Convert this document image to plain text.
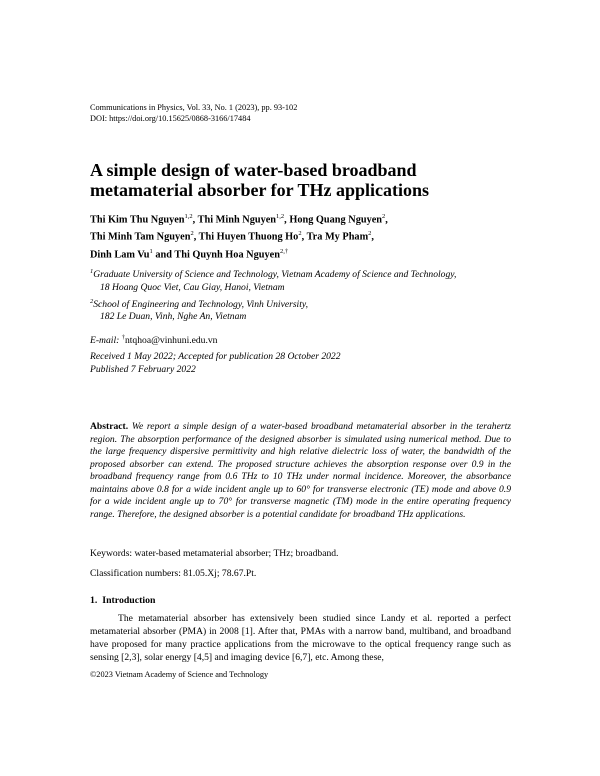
Communications in Physics, Vol. 33, No. 1 (2023), pp. 93-102
DOI: https://doi.org/10.15625/0868-3166/17484
A simple design of water-based broadband metamaterial absorber for THz applications
Thi Kim Thu Nguyen$^{1,2}$, Thi Minh Nguyen$^{1,2}$, Hong Quang Nguyen$^2$,
Thi Minh Tam Nguyen$^2$, Thi Huyen Thuong Ho$^2$, Tra My Pham$^2$,
Dinh Lam Vu$^1$ and Thi Quynh Hoa Nguyen$^{2,\dagger}$
$^1$Graduate University of Science and Technology, Vietnam Academy of Science and Technology,
18 Hoang Quoc Viet, Cau Giay, Hanoi, Vietnam
$^2$School of Engineering and Technology, Vinh University,
182 Le Duan, Vinh, Nghe An, Vietnam
E-mail: †ntqhoa@vinhuni.edu.vn
Received 1 May 2022; Accepted for publication 28 October 2022
Published 7 February 2022
Abstract. We report a simple design of a water-based broadband metamaterial absorber in the terahertz region. The absorption performance of the designed absorber is simulated using numerical method. Due to the large frequency dispersive permittivity and high relative dielectric loss of water, the bandwidth of the proposed absorber can extend. The proposed structure achieves the absorption response over 0.9 in the broadband frequency range from 0.6 THz to 10 THz under normal incidence. Moreover, the absorbance maintains above 0.8 for a wide incident angle up to 60° for transverse electronic (TE) mode and above 0.9 for a wide incident angle up to 70° for transverse magnetic (TM) mode in the entire operating frequency range. Therefore, the designed absorber is a potential candidate for broadband THz applications.
Keywords: water-based metamaterial absorber; THz; broadband.
Classification numbers: 81.05.Xj; 78.67.Pt.
1. Introduction
The metamaterial absorber has extensively been studied since Landy et al. reported a perfect metamaterial absorber (PMA) in 2008 [1]. After that, PMAs with a narrow band, multiband, and broadband have proposed for many practice applications from the microwave to the optical frequency range such as sensing [2,3], solar energy [4,5] and imaging device [6,7], etc. Among these,
©2023 Vietnam Academy of Science and Technology
